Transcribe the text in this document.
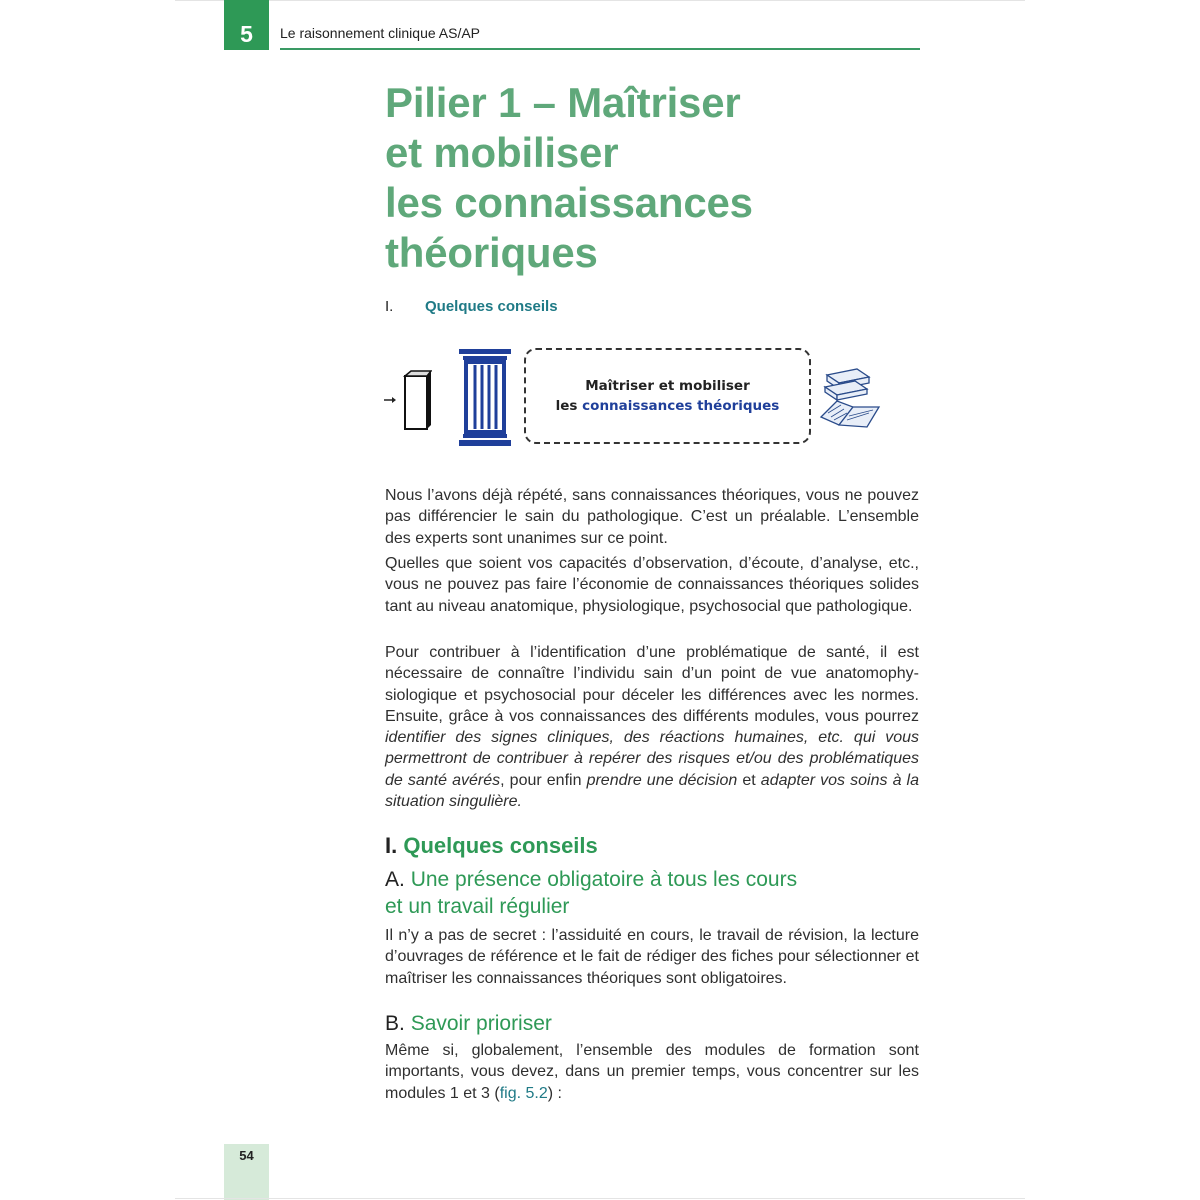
5 Le raisonnement clinique AS/AP
Pilier 1 – Maîtriser
et mobiliser
les connaissances
théoriques
I. Quelques conseils
Maîtriser et mobiliser
les connaissances théoriques

Nous l’avons déjà répété, sans connaissances théoriques, vous ne pouvez pas différencier le sain du pathologique. C’est un préalable. L’ensemble des experts sont unanimes sur ce point.

Quelles que soient vos capacités d’observation, d’écoute, d’analyse, etc., vous ne pouvez pas faire l’économie de connaissances théoriques solides tant au niveau anatomique, physiologique, psychosocial que pathologique.

Pour contribuer à l’identification d’une problématique de santé, il est nécessaire de connaître l’individu sain d’un point de vue anatomophysiologique et psychosocial pour déceler les différences avec les normes. Ensuite, grâce à vos connaissances des différents modules, vous pourrez identifier des signes cliniques, des réactions humaines, etc. qui vous permettront de contribuer à repérer des risques et/ou des problématiques de santé avérés, pour enfin prendre une décision et adapter vos soins à la situation singulière.

I. Quelques conseils
A. Une présence obligatoire à tous les cours
et un travail régulier

Il n’y a pas de secret : l’assiduité en cours, le travail de révision, la lecture d’ouvrages de référence et le fait de rédiger des fiches pour sélectionner et maîtriser les connaissances théoriques sont obligatoires.

B. Savoir prioriser

Même si, globalement, l’ensemble des modules de formation sont importants, vous devez, dans un premier temps, vous concentrer sur les modules 1 et 3 (fig. 5.2) :

54
